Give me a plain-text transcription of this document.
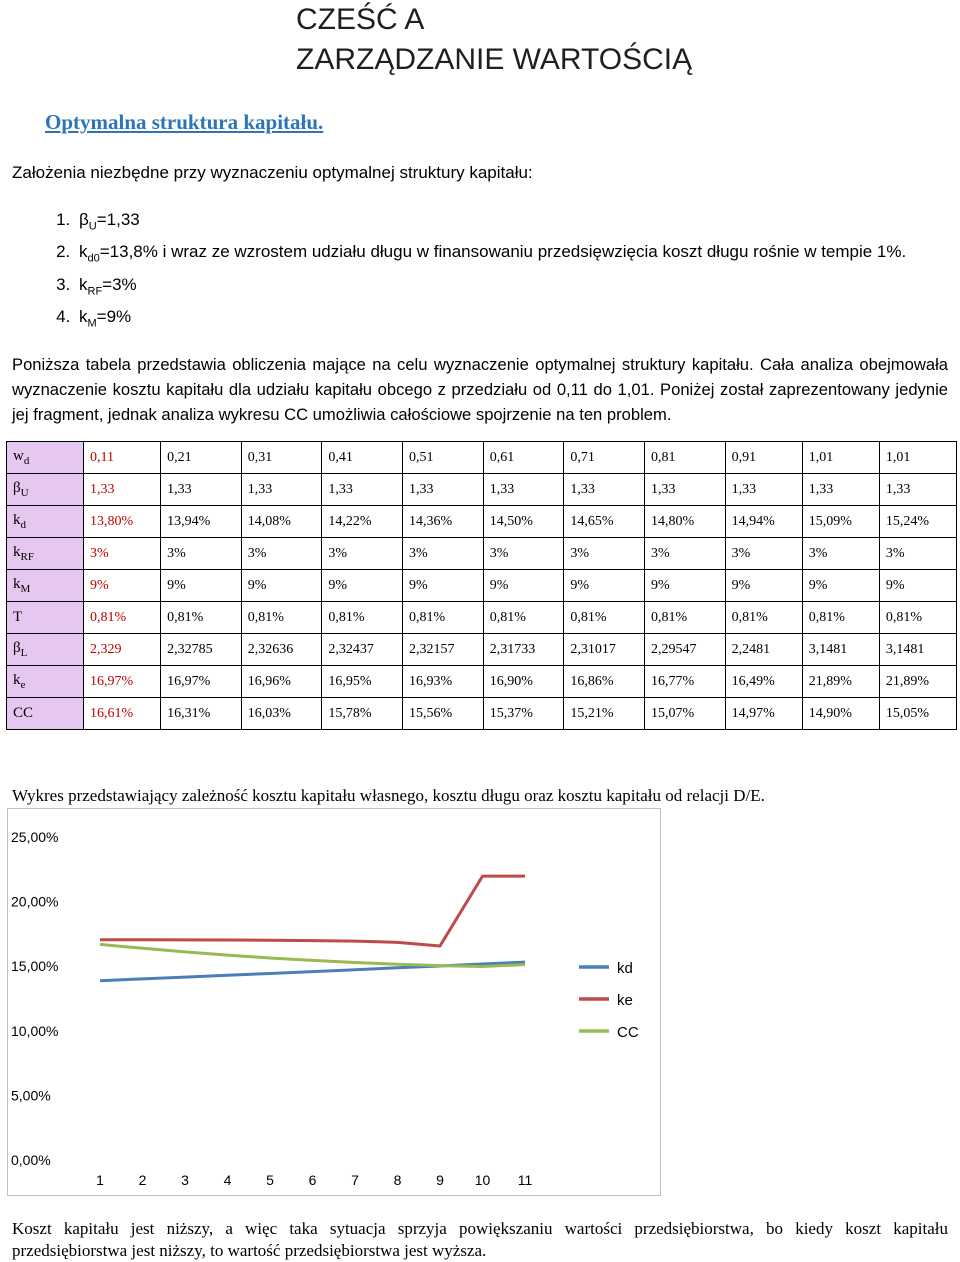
CZEŚĆ A
ZARZĄDZANIE WARTOŚCIĄ
Optymalna struktura kapitału.
Założenia niezbędne przy wyznaczeniu optymalnej struktury kapitału:
1. $\beta_U=1,33$
2. $k_{d0}=13,8\%$ i wraz ze wzrostem udziału długu w finansowaniu przedsięwzięcia koszt długu rośnie w tempie 1%.
3. $k_{RF}=3\%$
4. $k_M=9\%$
Poniższa tabela przedstawia obliczenia mające na celu wyznaczenie optymalnej struktury kapitału. Cała analiza obejmowała wyznaczenie kosztu kapitału dla udziału kapitału obcego z przedziału od 0,11 do 1,01. Poniżej został zaprezentowany jedynie jej fragment, jednak analiza wykresu CC umożliwia całościowe spojrzenie na ten problem.
$w_d$	0,11	0,21	0,31	0,41	0,51	0,61	0,71	0,81	0,91	1,01	1,01
$\beta_U$	1,33	1,33	1,33	1,33	1,33	1,33	1,33	1,33	1,33	1,33	1,33
$k_d$	13,80%	13,94%	14,08%	14,22%	14,36%	14,50%	14,65%	14,80%	14,94%	15,09%	15,24%
$k_{RF}$	3%	3%	3%	3%	3%	3%	3%	3%	3%	3%	3%
$k_M$	9%	9%	9%	9%	9%	9%	9%	9%	9%	9%	9%
T	0,81%	0,81%	0,81%	0,81%	0,81%	0,81%	0,81%	0,81%	0,81%	0,81%	0,81%
$\beta_L$	2,329	2,32785	2,32636	2,32437	2,32157	2,31733	2,31017	2,29547	2,2481	3,1481	3,1481
$k_e$	16,97%	16,97%	16,96%	16,95%	16,93%	16,90%	16,86%	16,77%	16,49%	21,89%	21,89%
CC	16,61%	16,31%	16,03%	15,78%	15,56%	15,37%	15,21%	15,07%	14,97%	14,90%	15,05%
Wykres przedstawiający zależność kosztu kapitału własnego, kosztu długu oraz kosztu kapitału od relacji D/E.
25,00%
20,00%
15,00%
10,00%
5,00%
0,00%
1 2 3 4 5 6 7 8 9 10 11
kd
ke
CC
Koszt kapitału jest niższy, a więc taka sytuacja sprzyja powiększaniu wartości przedsiębiorstwa, bo kiedy koszt kapitału przedsiębiorstwa jest niższy, to wartość przedsiębiorstwa jest wyższa.
